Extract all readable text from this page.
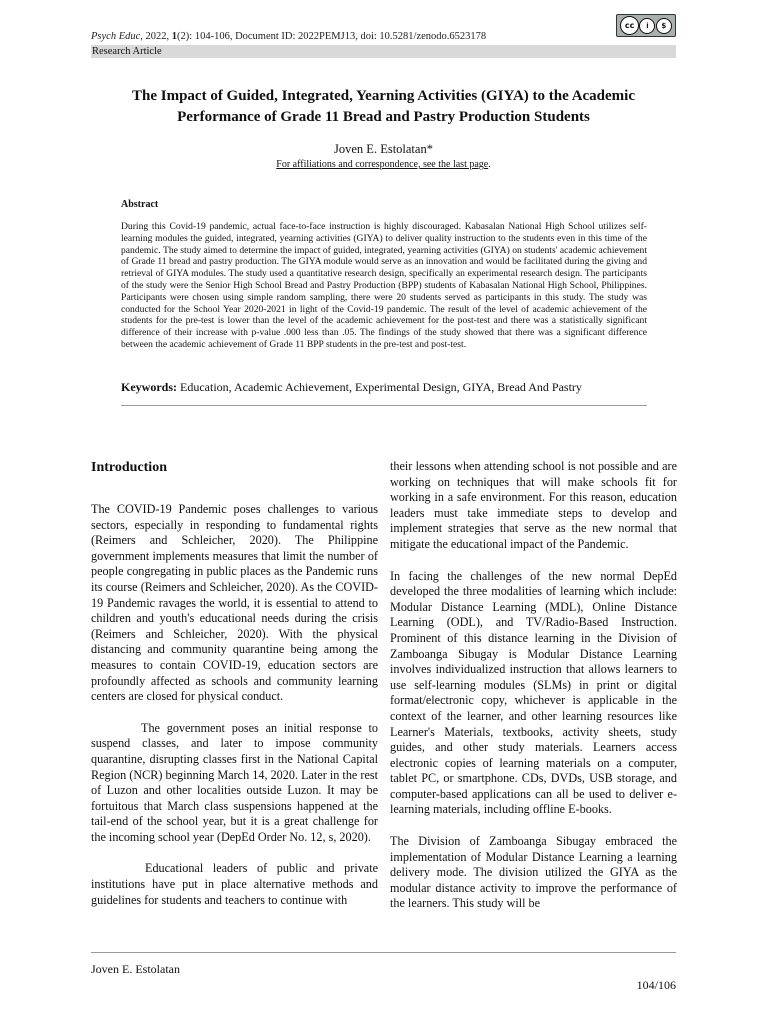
Psych Educ, 2022, 1(2): 104-106, Document ID: 2022PEMJ13, doi: 10.5281/zenodo.6523178
cc	i	$
Research Article
The Impact of Guided, Integrated, Yearning Activities (GIYA) to the Academic Performance of Grade 11 Bread and Pastry Production Students
Joven E. Estolatan*
For affiliations and correspondence, see the last page.
Abstract
During this Covid-19 pandemic, actual face-to-face instruction is highly discouraged. Kabasalan National High School utilizes self-learning modules the guided, integrated, yearning activities (GIYA) to deliver quality instruction to the students even in this time of the pandemic. The study aimed to determine the impact of guided, integrated, yearning activities (GIYA) on students' academic achievement of Grade 11 bread and pastry production. The GIYA module would serve as an innovation and would be facilitated during the giving and retrieval of GIYA modules. The study used a quantitative research design, specifically an experimental research design. The participants of the study were the Senior High School Bread and Pastry Production (BPP) students of Kabasalan National High School, Philippines. Participants were chosen using simple random sampling, there were 20 students served as participants in this study. The study was conducted for the School Year 2020-2021 in light of the Covid-19 pandemic. The result of the level of academic achievement of the students for the pre-test is lower than the level of the academic achievement for the post-test and there was a statistically significant difference of their increase with p-value .000 less than .05. The findings of the study showed that there was a significant difference between the academic achievement of Grade 11 BPP students in the pre-test and post-test.
Keywords: Education, Academic Achievement, Experimental Design, GIYA, Bread And Pastry
Introduction

The COVID-19 Pandemic poses challenges to various sectors, especially in responding to fundamental rights (Reimers and Schleicher, 2020). The Philippine government implements measures that limit the number of people congregating in public places as the Pandemic runs its course (Reimers and Schleicher, 2020). As the COVID-19 Pandemic ravages the world, it is essential to attend to children and youth's educational needs during the crisis (Reimers and Schleicher, 2020). With the physical distancing and community quarantine being among the measures to contain COVID-19, education sectors are profoundly affected as schools and community learning centers are closed for physical conduct.

The government poses an initial response to suspend classes, and later to impose community quarantine, disrupting classes first in the National Capital Region (NCR) beginning March 14, 2020. Later in the rest of Luzon and other localities outside Luzon. It may be fortuitous that March class suspensions happened at the tail-end of the school year, but it is a great challenge for the incoming school year (DepEd Order No. 12, s, 2020).

Educational leaders of public and private institutions have put in place alternative methods and guidelines for students and teachers to continue with

their lessons when attending school is not possible and are working on techniques that will make schools fit for working in a safe environment. For this reason, education leaders must take immediate steps to develop and implement strategies that serve as the new normal that mitigate the educational impact of the Pandemic.

In facing the challenges of the new normal DepEd developed the three modalities of learning which include: Modular Distance Learning (MDL), Online Distance Learning (ODL), and TV/Radio-Based Instruction. Prominent of this distance learning in the Division of Zamboanga Sibugay is Modular Distance Learning involves individualized instruction that allows learners to use self-learning modules (SLMs) in print or digital format/electronic copy, whichever is applicable in the context of the learner, and other learning resources like Learner's Materials, textbooks, activity sheets, study guides, and other study materials. Learners access electronic copies of learning materials on a computer, tablet PC, or smartphone. CDs, DVDs, USB storage, and computer-based applications can all be used to deliver e-learning materials, including offline E-books.

The Division of Zamboanga Sibugay embraced the implementation of Modular Distance Learning a learning delivery mode. The division utilized the GIYA as the modular distance activity to improve the performance of the learners. This study will be

Joven E. Estolatan
104/106
